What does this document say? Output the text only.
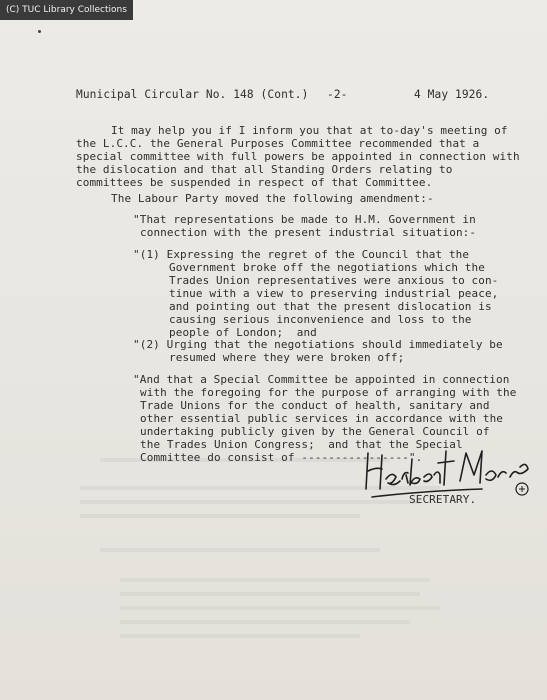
(C) TUC Library Collections
Municipal Circular No. 148 (Cont.) -2-	4 May 1926.
It may help you if I inform you that at to-day's meeting of
the L.C.C. the General Purposes Committee recommended that a
special committee with full powers be appointed in connection with
the dislocation and that all Standing Orders relating to
committees be suspended in respect of that Committee.
The Labour Party moved the following amendment:-
"That representations be made to H.M. Government in
connection with the present industrial situation:-
"(1) Expressing the regret of the Council that the
Government broke off the negotiations which the
Trades Union representatives were anxious to con-
tinue with a view to preserving industrial peace,
and pointing out that the present dislocation is
causing serious inconvenience and loss to the
people of London;  and
"(2) Urging that the negotiations should immediately be
resumed where they were broken off;
"And that a Special Committee be appointed in connection
with the foregoing for the purpose of arranging with the
Trade Unions for the conduct of health, sanitary and
other essential public services in accordance with the
undertaking publicly given by the General Council of
the Trades Union Congress;  and that the Special
Committee do consist of ----------------".
SECRETARY.
